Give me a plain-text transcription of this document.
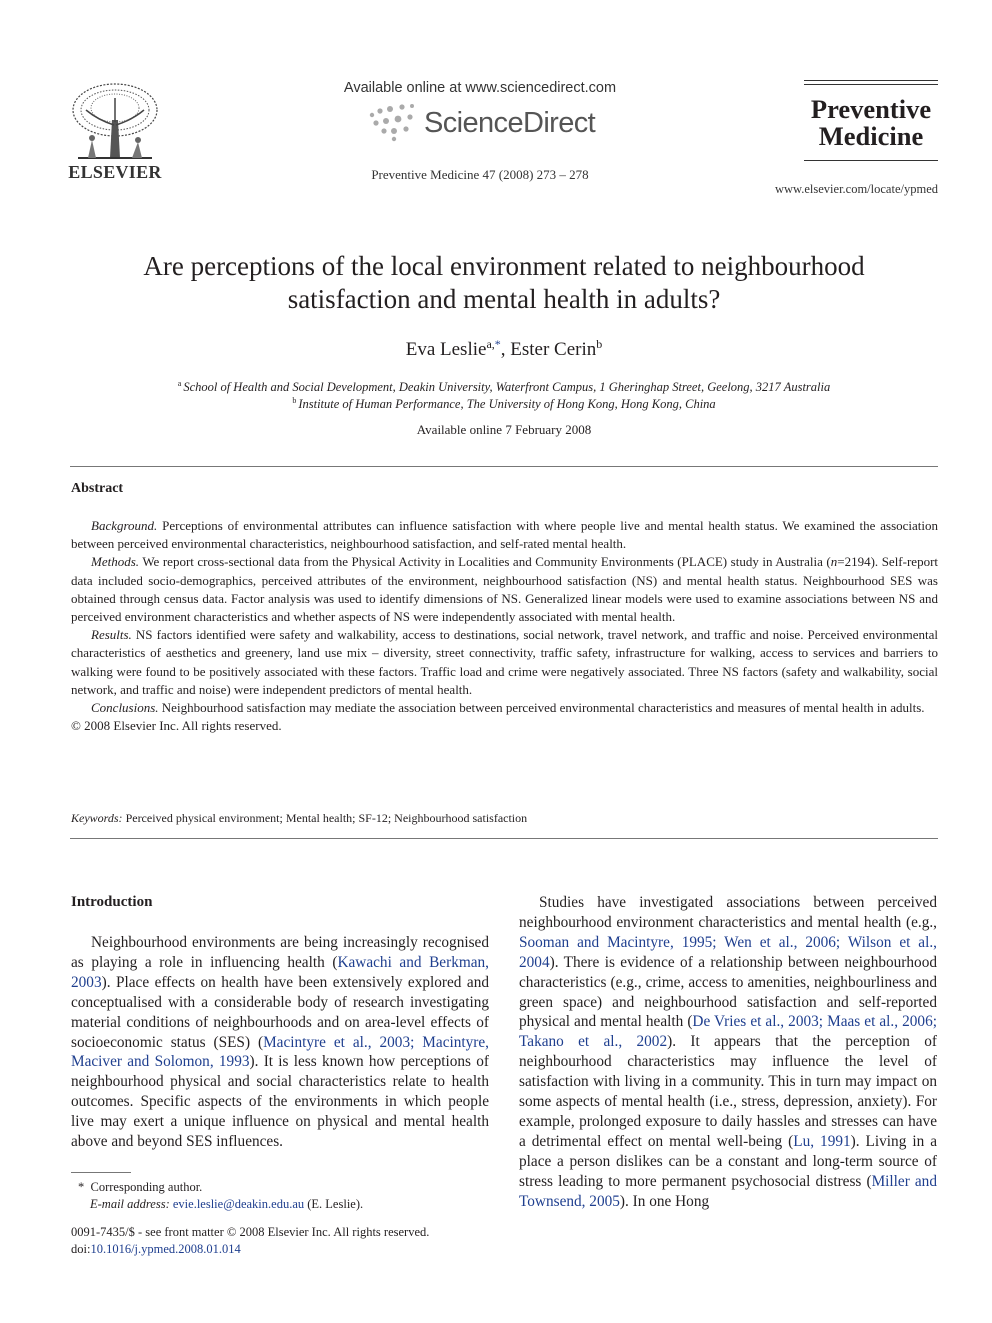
ELSEVIER
Available online at www.sciencedirect.com
ScienceDirect
Preventive Medicine 47 (2008) 273 – 278
Preventive
Medicine
www.elsevier.com/locate/ypmed
Are perceptions of the local environment related to neighbourhood
satisfaction and mental health in adults?
Eva Leslie$^{a,*}$, Ester Cerin$^b$
$^a$ School of Health and Social Development, Deakin University, Waterfront Campus, 1 Gheringhap Street, Geelong, 3217 Australia
$^b$ Institute of Human Performance, The University of Hong Kong, Hong Kong, China
Available online 7 February 2008
Abstract

Background. Perceptions of environmental attributes can influence satisfaction with where people live and mental health status. We examined the association between perceived environmental characteristics, neighbourhood satisfaction, and self-rated mental health.

Methods. We report cross-sectional data from the Physical Activity in Localities and Community Environments (PLACE) study in Australia (n=2194). Self-report data included socio-demographics, perceived attributes of the environment, neighbourhood satisfaction (NS) and mental health status. Neighbourhood SES was obtained through census data. Factor analysis was used to identify dimensions of NS. Generalized linear models were used to examine associations between NS and perceived environment characteristics and whether aspects of NS were independently associated with mental health.

Results. NS factors identified were safety and walkability, access to destinations, social network, travel network, and traffic and noise. Perceived environmental characteristics of aesthetics and greenery, land use mix – diversity, street connectivity, traffic safety, infrastructure for walking, access to services and barriers to walking were found to be positively associated with these factors. Traffic load and crime were negatively associated. Three NS factors (safety and walkability, social network, and traffic and noise) were independent predictors of mental health.

Conclusions. Neighbourhood satisfaction may mediate the association between perceived environmental characteristics and measures of mental health in adults.

© 2008 Elsevier Inc. All rights reserved.
Keywords: Perceived physical environment; Mental health; SF-12; Neighbourhood satisfaction
Introduction

Neighbourhood environments are being increasingly recognised as playing a role in influencing health (Kawachi and Berkman, 2003). Place effects on health have been extensively explored and conceptualised with a considerable body of research investigating material conditions of neighbourhoods and on area-level effects of socioeconomic status (SES) (Macintyre et al., 2003; Macintyre, Maciver and Solomon, 1993). It is less known how perceptions of neighbourhood physical and social characteristics relate to health outcomes. Specific aspects of the environments in which people live may exert a unique influence on physical and mental health above and beyond SES influences.

Studies have investigated associations between perceived neighbourhood environment characteristics and mental health (e.g., Sooman and Macintyre, 1995; Wen et al., 2006; Wilson et al., 2004). There is evidence of a relationship between neighbourhood characteristics (e.g., crime, access to amenities, neighbourliness and green space) and neighbourhood satisfaction and self-reported physical and mental health (De Vries et al., 2003; Maas et al., 2006; Takano et al., 2002). It appears that the perception of neighbourhood characteristics may influence the level of satisfaction with living in a community. This in turn may impact on some aspects of mental health (i.e., stress, depression, anxiety). For example, prolonged exposure to daily hassles and stresses can have a detrimental effect on mental well-being (Lu, 1991). Living in a place a person dislikes can be a constant and long-term source of stress leading to more permanent psychosocial distress (Miller and Townsend, 2005). In one Hong

* Corresponding author.
E-mail address: evie.leslie@deakin.edu.au (E. Leslie).
0091-7435/$ - see front matter © 2008 Elsevier Inc. All rights reserved.
doi:10.1016/j.ypmed.2008.01.014
